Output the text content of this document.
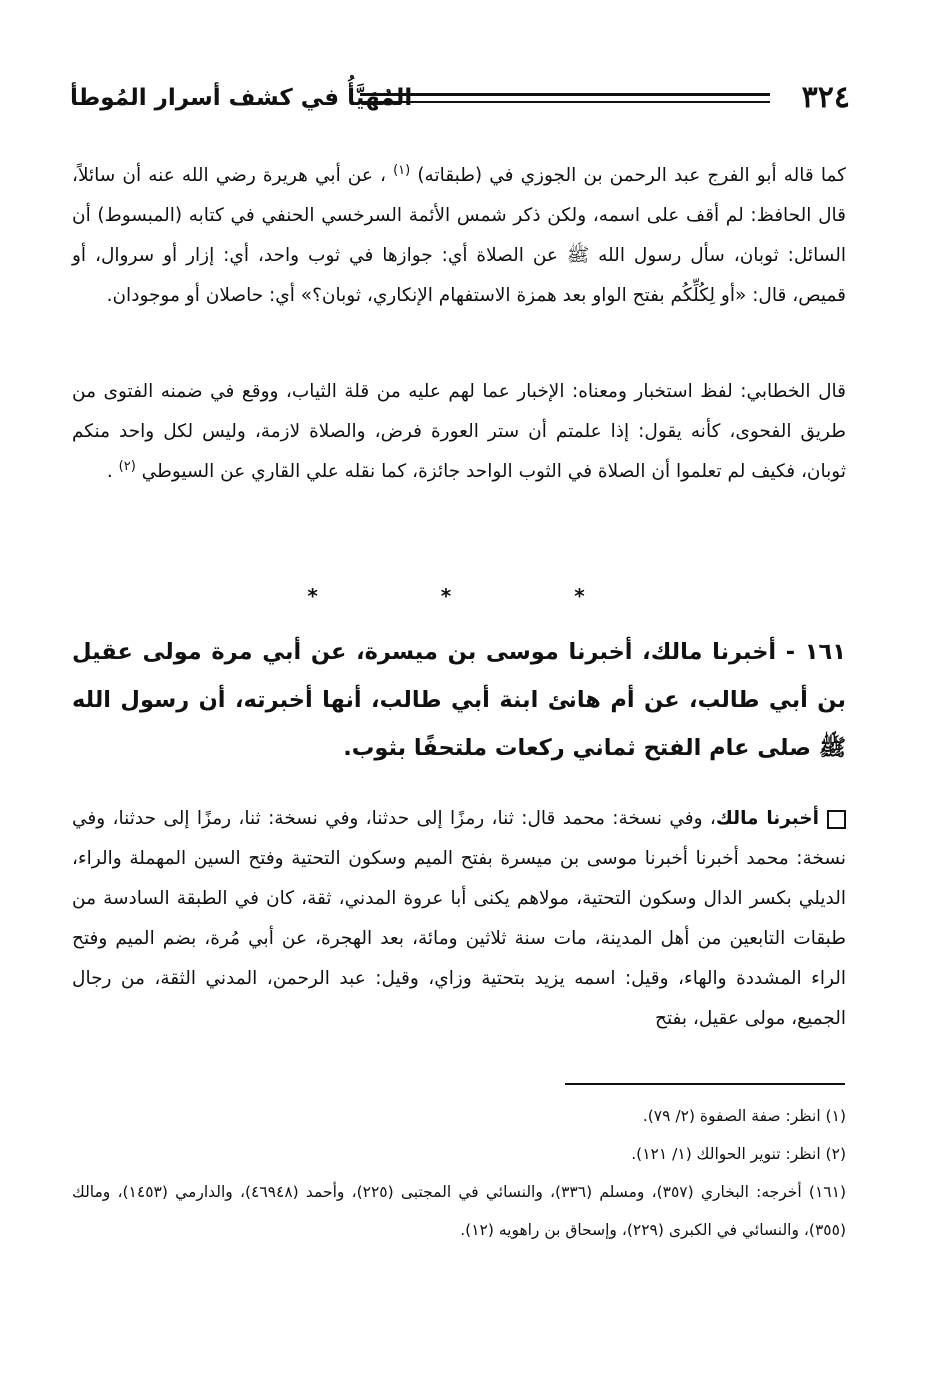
٣٢٤
المُهَيَّأُ في كشف أسرار المُوطأ
كما قاله أبو الفرج عبد الرحمن بن الجوزي في (طبقاته) $^{(١)}$ ، عن أبي هريرة رضي الله عنه أن سائلاً، قال الحافظ: لم أقف على اسمه، ولكن ذكر شمس الأئمة السرخسي الحنفي في كتابه (المبسوط) أن السائل: ثوبان، سأل رسول الله ﷺ عن الصلاة أي: جوازها في ثوب واحد، أي: إزار أو سروال، أو قميص، قال: «أو لِكُلِّكُم بفتح الواو بعد همزة الاستفهام الإنكاري، ثوبان؟» أي: حاصلان أو موجودان.
قال الخطابي: لفظ استخبار ومعناه: الإخبار عما لهم عليه من قلة الثياب، ووقع في ضمنه الفتوى من طريق الفحوى، كأنه يقول: إذا علمتم أن ستر العورة فرض، والصلاة لازمة، وليس لكل واحد منكم ثوبان، فكيف لم تعلموا أن الصلاة في الثوب الواحد جائزة، كما نقله علي القاري عن السيوطي $^{(٢)}$ .
* * *
١٦١ - أخبرنا مالك، أخبرنا موسى بن ميسرة، عن أبي مرة مولى عقيل بن أبي طالب، عن أم هانئ ابنة أبي طالب، أنها أخبرته، أن رسول الله ﷺ صلى عام الفتح ثماني ركعات ملتحفًا بثوب.
أخبرنا مالك، وفي نسخة: محمد قال: ثنا، رمزًا إلى حدثنا، وفي نسخة: ثنا، رمزًا إلى حدثنا، وفي نسخة: محمد أخبرنا أخبرنا موسى بن ميسرة بفتح الميم وسكون التحتية وفتح السين المهملة والراء، الديلي بكسر الدال وسكون التحتية، مولاهم يكنى أبا عروة المدني، ثقة، كان في الطبقة السادسة من طبقات التابعين من أهل المدينة، مات سنة ثلاثين ومائة، بعد الهجرة، عن أبي مُرة، بضم الميم وفتح الراء المشددة والهاء، وقيل: اسمه يزيد بتحتية وزاي، وقيل: عبد الرحمن، المدني الثقة، من رجال الجميع، مولى عقيل، بفتح

(١) انظر: صفة الصفوة (٢/ ٧٩).

(٢) انظر: تنوير الحوالك (١/ ١٢١).

(١٦١) أخرجه: البخاري (٣٥٧)، ومسلم (٣٣٦)، والنسائي في المجتبى (٢٢٥)، وأحمد (٤٦٩٤٨)، والدارمي (١٤٥٣)، ومالك (٣٥٥)، والنسائي في الكبرى (٢٢٩)، وإسحاق بن راهويه (١٢).
